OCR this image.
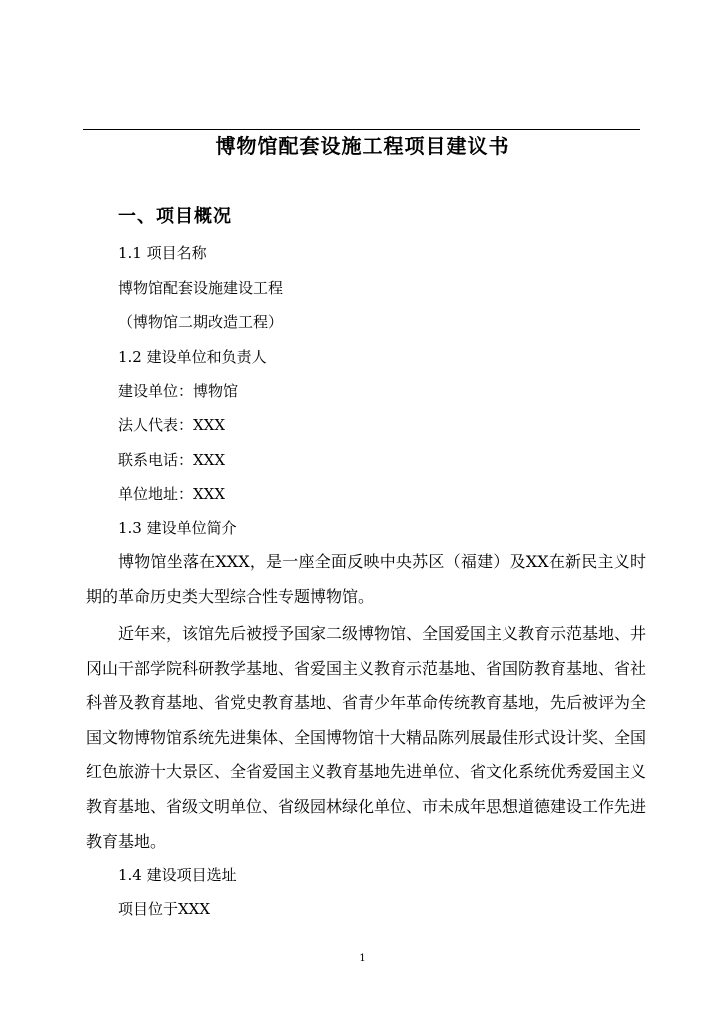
博物馆配套设施工程项目建议书
一、项目概况
1.1 项目名称
博物馆配套设施建设工程
（博物馆二期改造工程）
1.2 建设单位和负责人
建设单位：博物馆
法人代表：XXX
联系电话：XXX
单位地址：XXX
1.3 建设单位简介
博物馆坐落在XXX，是一座全面反映中央苏区（福建）及XX在新民主义时期的革命历史类大型综合性专题博物馆。
近年来，该馆先后被授予国家二级博物馆、全国爱国主义教育示范基地、井冈山干部学院科研教学基地、省爱国主义教育示范基地、省国防教育基地、省社科普及教育基地、省党史教育基地、省青少年革命传统教育基地，先后被评为全国文物博物馆系统先进集体、全国博物馆十大精品陈列展最佳形式设计奖、全国红色旅游十大景区、全省爱国主义教育基地先进单位、省文化系统优秀爱国主义教育基地、省级文明单位、省级园林绿化单位、市未成年思想道德建设工作先进教育基地。
1.4 建设项目选址
项目位于XXX
1
